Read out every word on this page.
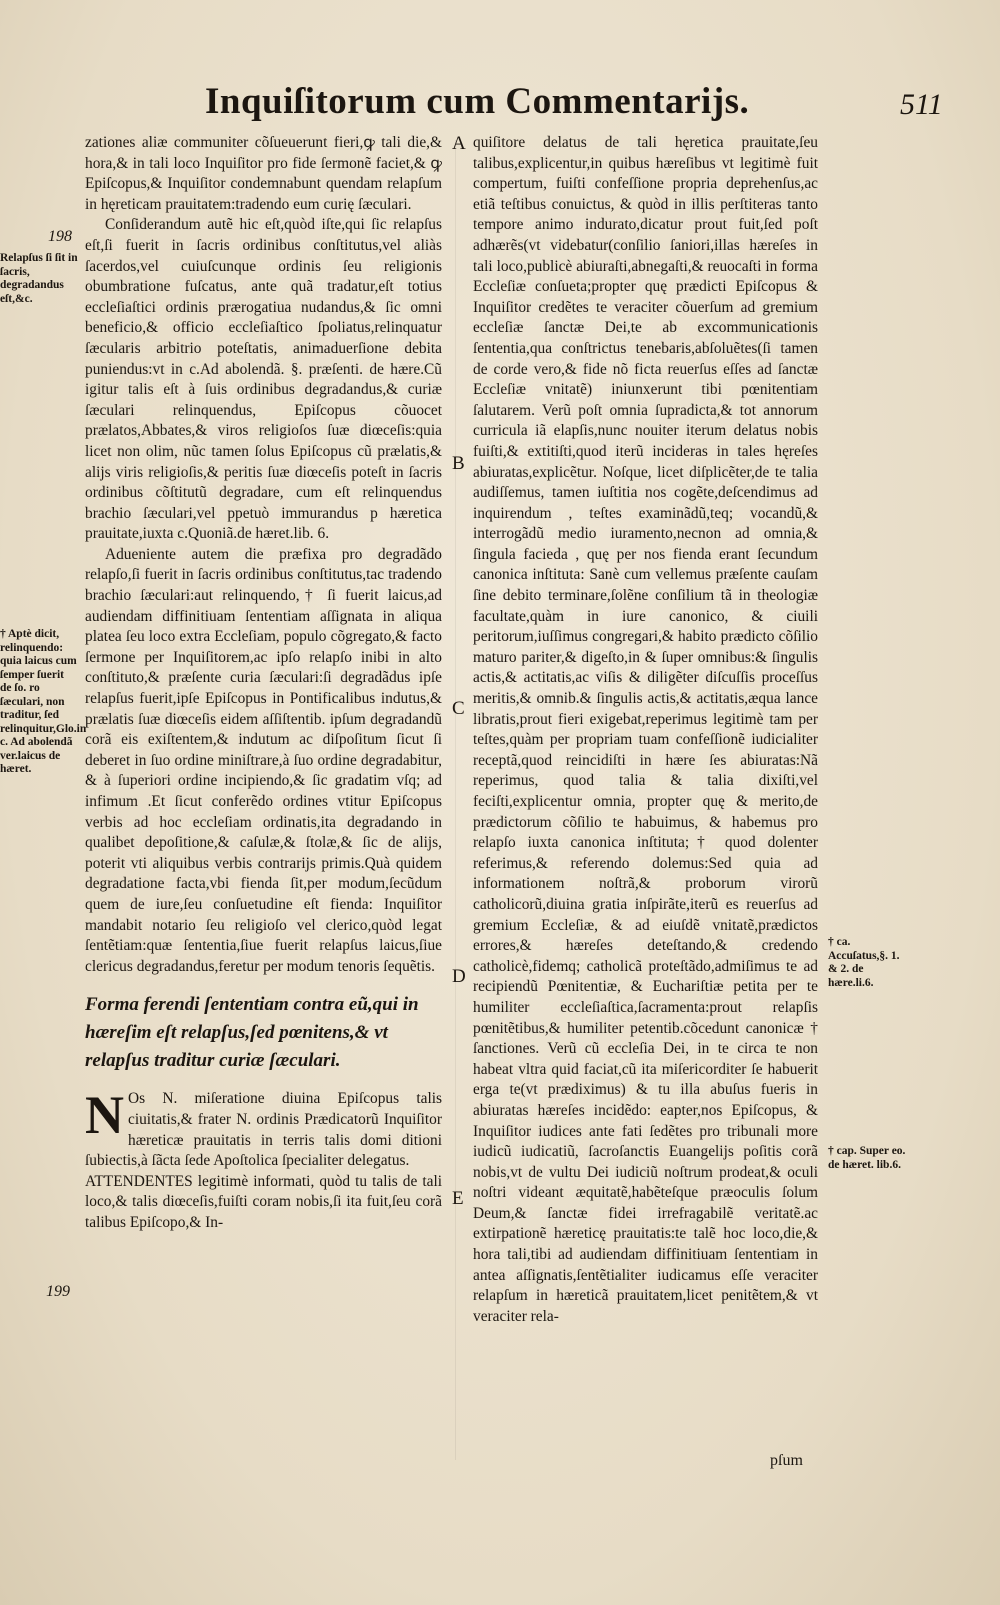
Inquiſitorum cum Commentarijs.	511
A
B
C
D
E
198
199
Relapſus ſi ſit in ſacris, degradandus eſt,&c.
† Aptè dicit, relinquendo: quia laicus cum ſemper ſuerit de ſo. ro ſæculari, non traditur, ſed relinquitur,Glo.in c. Ad abolendã ver.laicus de hæret.
† ca. Accuſatus,§. 1. & 2. de hære.li.6.
† cap. Super eo. de hæret. lib.6.

zationes aliæ communiter cõſueuerunt fieri,ꝙ tali die,& hora,& in tali loco Inquiſitor pro fide ſermonẽ faciet,& ꝙ Epiſcopus,& Inquiſitor condemnabunt quendam relapſum in hęreticam prauitatem:tradendo eum curię ſæculari.

Conſiderandum autẽ hic eſt,quòd iſte,qui ſic relapſus eſt,ſi fuerit in ſacris ordinibus conſtitutus,vel aliàs ſacerdos,vel cuiuſcunque ordinis ſeu religionis obumbratione fuſcatus, ante quã tradatur,eſt totius eccleſiaſtici ordinis prærogatiua nudandus,& ſic omni beneficio,& officio eccleſiaſtico ſpoliatus,relinquatur ſæcularis arbitrio poteſtatis, animaduerſione debita puniendus:vt in c.Ad abolendã. §. præſenti. de hære.Cũ igitur talis eſt à ſuis ordinibus degradandus,& curiæ ſæculari relinquendus, Epiſcopus cõuocet prælatos,Abbates,& viros religioſos ſuæ diœceſis:quia licet non olim, nũc tamen ſolus Epiſcopus cũ prælatis,& alijs viris religioſis,& peritis ſuæ diœceſis poteſt in ſacris ordinibus cõſtitutũ degradare, cum eſt relinquendus brachio ſæculari,vel ppetuò immurandus p hæretica prauitate,iuxta c.Quoniã.de hæret.lib. 6.

Adueniente autem die præfixa pro degradãdo relapſo,ſi fuerit in ſacris ordinibus conſtitutus,tac tradendo brachio ſæculari:aut relinquendo,† ſi fuerit laicus,ad audiendam diffinitiuam ſententiam aſſignata in aliqua platea ſeu loco extra Eccleſiam, populo cõgregato,& facto ſermone per Inquiſitorem,ac ipſo relapſo inibi in alto conſtituto,& præſente curia ſæculari:ſi degradãdus ipſe relapſus fuerit,ipſe Epiſcopus in Pontificalibus indutus,& prælatis ſuæ diœceſis eidem aſſiſtentib. ipſum degradandũ corã eis exiſtentem,& indutum ac diſpoſitum ſicut ſi deberet in ſuo ordine miniſtrare,à ſuo ordine degradabitur, & à ſuperiori ordine incipiendo,& ſic gradatim vſq; ad infimum .Et ſicut conferẽdo ordines vtitur Epiſcopus verbis ad hoc eccleſiam ordinatis,ita degradando in qualibet depoſitione,& caſulæ,& ſtolæ,& ſic de alijs, poterit vti aliquibus verbis contrarijs primis.Quà quidem degradatione facta,vbi fienda ſit,per modum,ſecũdum quem de iure,ſeu conſuetudine eſt fienda: Inquiſitor mandabit notario ſeu religioſo vel clerico,quòd legat ſentẽtiam:quæ ſententia,ſiue fuerit relapſus laicus,ſiue clericus degradandus,feretur per modum tenoris ſequẽtis.

Forma ferendi ſententiam contra eũ,qui in hæreſim eſt relapſus,ſed pœnitens,& vt relapſus traditur curiæ ſæculari.
N Os N. miſeratione diuina Epiſcopus talis ciuitatis,& frater N. ordinis Prædicatorũ Inquiſitor hæreticæ prauitatis in terris talis domi ditioni ſubiectis,à ſãcta ſede Apoſtolica ſpecialiter delegatus.

ATTENDENTES legitimè informati, quòd tu talis de tali loco,& talis diœceſis,fuiſti coram nobis,ſi ita fuit,ſeu corã talibus Epiſcopo,& In-

quiſitore delatus de tali hęretica prauitate,ſeu talibus,explicentur,in quibus hæreſibus vt legitimè fuit compertum, fuiſti confeſſione propria deprehenſus,ac etiã teſtibus conuictus, & quòd in illis perſtiteras tanto tempore animo indurato,dicatur prout fuit,ſed poſt adhærẽs(vt videbatur(conſilio ſaniori,illas hæreſes in tali loco,publicè abiuraſti,abnegaſti,& reuocaſti in forma Eccleſiæ conſueta;propter quę prædicti Epiſcopus & Inquiſitor credẽtes te veraciter cõuerſum ad gremium eccleſiæ ſanctæ Dei,te ab excommunicationis ſententia,qua conſtrictus tenebaris,abſoluẽtes(ſi tamen de corde vero,& fide nõ ficta reuerſus eſſes ad ſanctæ Eccleſiæ vnitatẽ) iniunxerunt tibi pœnitentiam ſalutarem. Verũ poſt omnia ſupradicta,& tot annorum curricula iã elapſis,nunc nouiter iterum delatus nobis fuiſti,& extitiſti,quod iterũ incideras in tales hęreſes abiuratas,explicẽtur. Noſque, licet diſplicẽter,de te talia audiſſemus, tamen iuſtitia nos cogẽte,deſcendimus ad inquirendum , teſtes examinãdũ,teq; vocandũ,& interrogãdũ medio iuramento,necnon ad omnia,& ſingula facieda , quę per nos fienda erant ſecundum canonica inſtituta: Sanè cum vellemus præſente cauſam ſine debito terminare,ſolẽne conſilium tã in theologiæ facultate,quàm in iure canonico, & ciuili peritorum,iuſſimus congregari,& habito prædicto cõſilio maturo pariter,& digeſto,in & ſuper omnibus:& ſingulis actis,& actitatis,ac viſis & diligẽter diſcuſſis proceſſus meritis,& omnib.& ſingulis actis,& actitatis,æqua lance libratis,prout fieri exigebat,reperimus legitimè tam per teſtes,quàm per propriam tuam confeſſionẽ iudicialiter receptã,quod reincidiſti in hære ſes abiuratas:Nã reperimus, quod talia & talia dixiſti,vel feciſti,explicentur omnia, propter quę & merito,de prædictorum cõſilio te habuimus, & habemus pro relapſo iuxta canonica inſtituta;† quod dolenter referimus,& referendo dolemus:Sed quia ad informationem noſtrã,& proborum virorũ catholicorũ,diuina gratia inſpirãte,iterũ es reuerſus ad gremium Eccleſiæ, & ad eiuſdẽ vnitatẽ,prædictos errores,& hæreſes deteſtando,& credendo catholicè,fidemq; catholicã proteſtãdo,admiſimus te ad recipiendũ Pœnitentiæ, & Euchariſtiæ petita per te humiliter eccleſiaſtica,ſacramenta:prout relapſis pœnitẽtibus,& humiliter petentib.cõcedunt canonicæ † ſanctiones. Verũ cũ eccleſia Dei, in te circa te non habeat vltra quid faciat,cũ ita miſericorditer ſe habuerit erga te(vt prædiximus) & tu illa abuſus fueris in abiuratas hæreſes incidẽdo: eapter,nos Epiſcopus, & Inquiſitor iudices ante fati ſedẽtes pro tribunali more iudicũ iudicatiũ, ſacroſanctis Euangelijs poſitis corã nobis,vt de vultu Dei iudiciũ noſtrum prodeat,& oculi noſtri videant æquitatẽ,habẽteſque præoculis ſolum Deum,& ſanctæ fidei irrefragabilẽ veritatẽ.ac extirpationẽ hæreticę prauitatis:te talẽ hoc loco,die,& hora tali,tibi ad audiendam diffinitiuam ſententiam in antea aſſignatis,ſentẽtialiter iudicamus eſſe veraciter relapſum in hæreticã prauitatem,licet penitẽtem,& vt veraciter rela-

pſum
